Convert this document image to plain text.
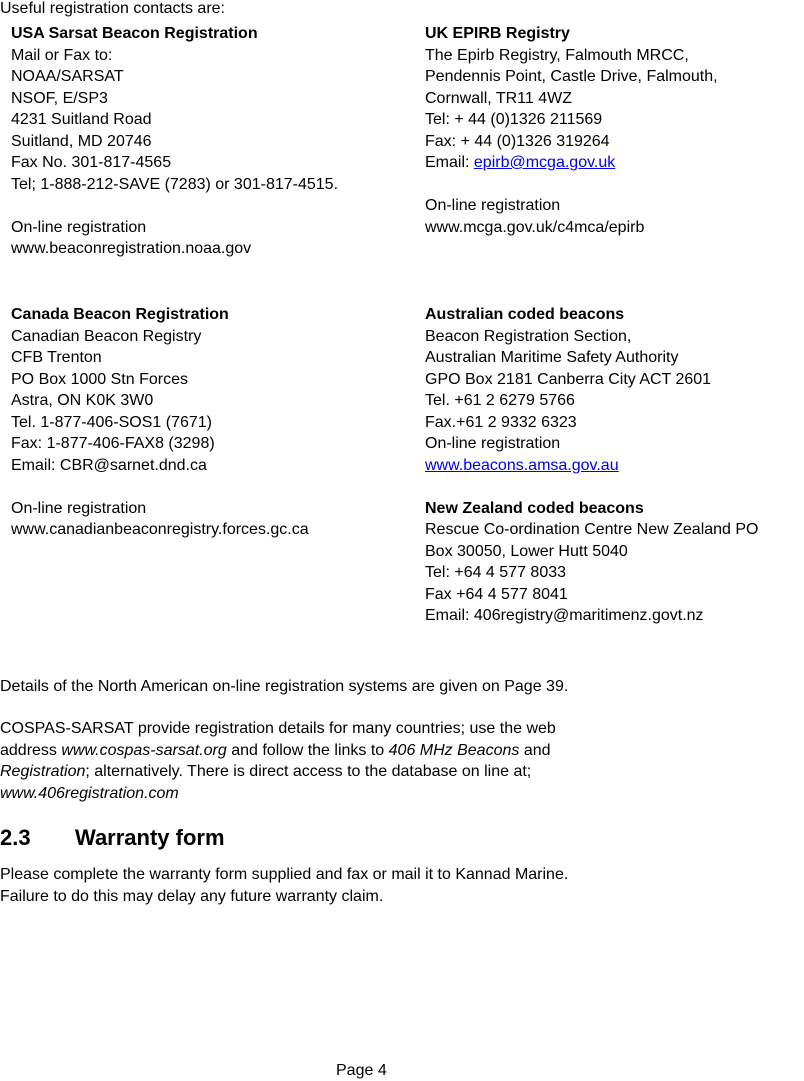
Useful registration contacts are:
USA Sarsat Beacon Registration
Mail or Fax to:
NOAA/SARSAT
NSOF, E/SP3
4231 Suitland Road
Suitland, MD 20746
Fax No. 301-817-4565
Tel; 1-888-212-SAVE (7283) or 301-817-4515.
On-line registration
www.beaconregistration.noaa.gov
UK EPIRB Registry
The Epirb Registry, Falmouth MRCC,
Pendennis Point, Castle Drive, Falmouth,
Cornwall, TR11 4WZ
Tel: + 44 (0)1326 211569
Fax: + 44 (0)1326 319264
Email: epirb@mcga.gov.uk
On-line registration
www.mcga.gov.uk/c4mca/epirb
Canada Beacon Registration
Canadian Beacon Registry
CFB Trenton
PO Box 1000 Stn Forces
Astra, ON K0K 3W0
Tel. 1-877-406-SOS1 (7671)
Fax: 1-877-406-FAX8 (3298)
Email: CBR@sarnet.dnd.ca
On-line registration
www.canadianbeaconregistry.forces.gc.ca
Australian coded beacons
Beacon Registration Section,
Australian Maritime Safety Authority
GPO Box 2181 Canberra City ACT 2601
Tel. +61 2 6279 5766
Fax.+61 2 9332 6323
On-line registration
www.beacons.amsa.gov.au
New Zealand coded beacons
Rescue Co-ordination Centre New Zealand PO
Box 30050, Lower Hutt 5040
Tel: +64 4 577 8033
Fax +64 4 577 8041
Email: 406registry@maritimenz.govt.nz
Details of the North American on-line registration systems are given on Page 39.
COSPAS-SARSAT provide registration details for many countries; use the web
address www.cospas-sarsat.org and follow the links to 406 MHz Beacons and
Registration; alternatively. There is direct access to the database on line at;
www.406registration.com
2.3 Warranty form
Please complete the warranty form supplied and fax or mail it to Kannad Marine.
Failure to do this may delay any future warranty claim.
Page 4
